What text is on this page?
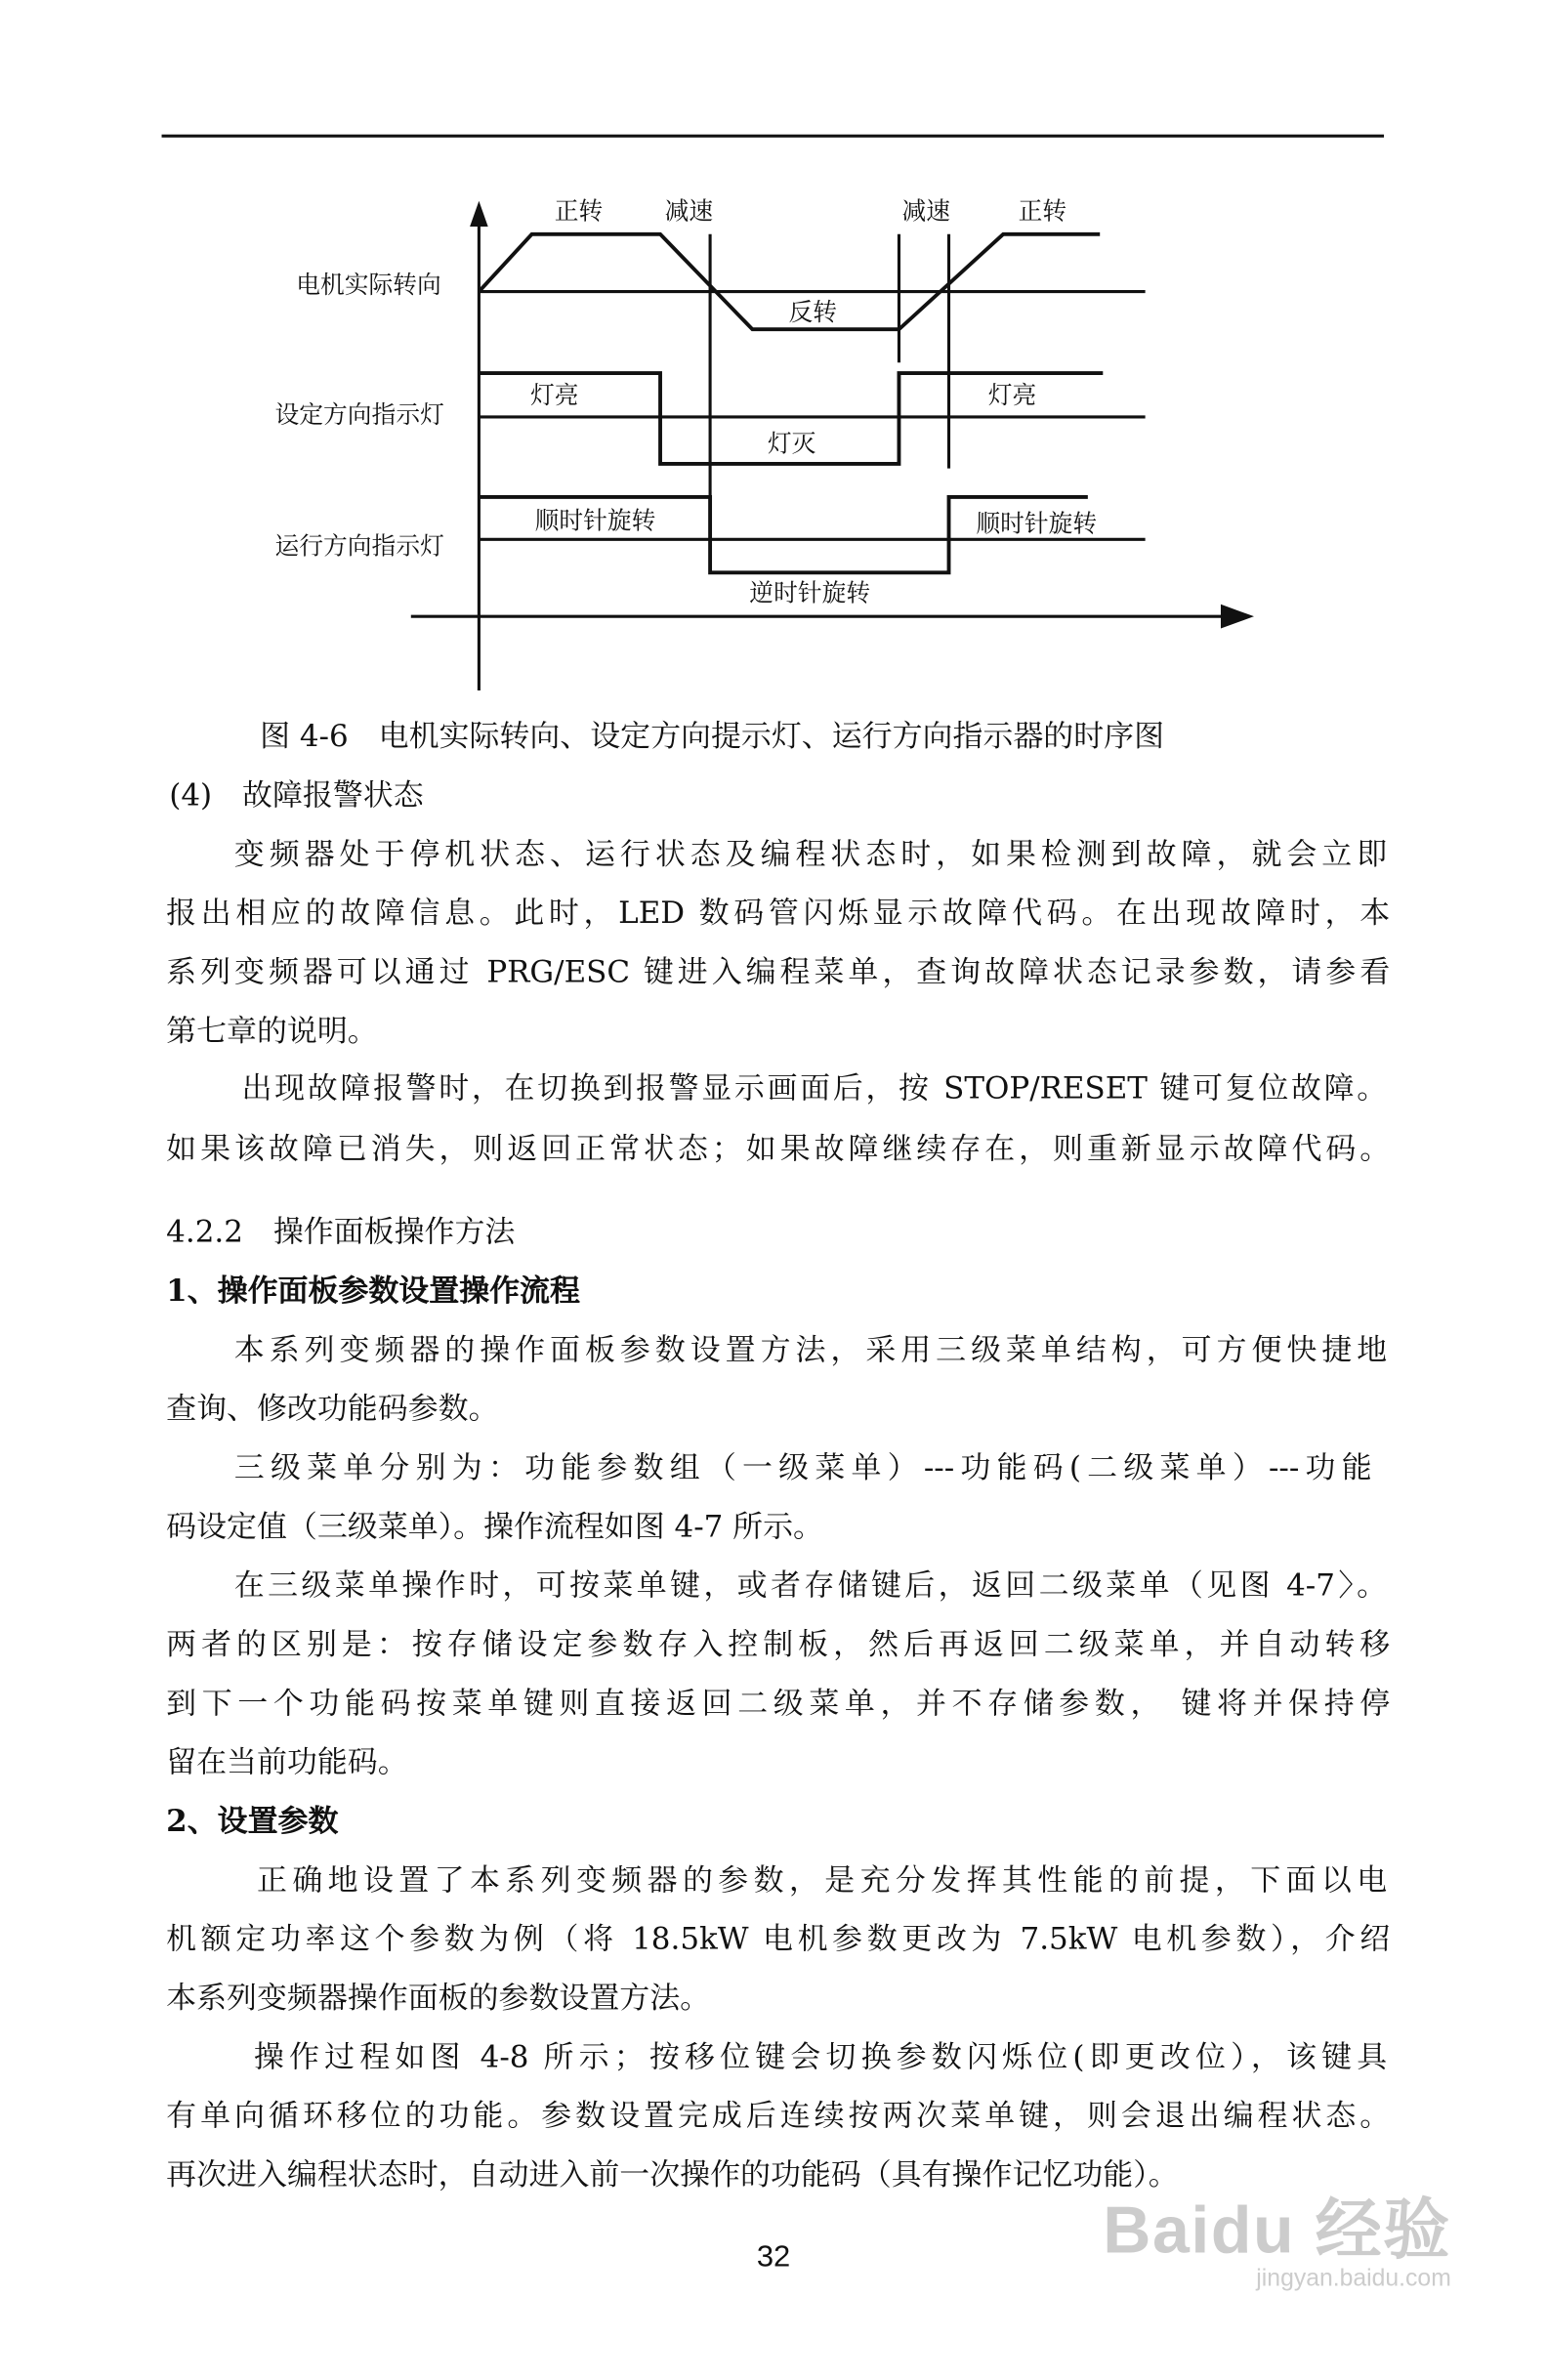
电机实际转向
设定方向指示灯
运行方向指示灯
正转	减速	减速	正转
反转
灯亮
灯灭
灯亮
顺时针旋转
逆时针旋转
顺时针旋转
图 4-6　电机实际转向、设定方向提示灯、运行方向指示器的时序图
(4)　故障报警状态
变频器处于停机状态、运行状态及编程状态时，如果检测到故障，就会立即
报出相应的故障信息。此时，LED 数码管闪烁显示故障代码。在出现故障时，本
系列变频器可以通过 PRG/ESC 键进入编程菜单，查询故障状态记录参数，请参看
第七章的说明。
出现故障报警时，在切换到报警显示画面后，按 STOP/RESET 键可复位故障。
如果该故障已消失，则返回正常状态；如果故障继续存在，则重新显示故障代码。
4.2.2　操作面板操作方法
1、操作面板参数设置操作流程
本系列变频器的操作面板参数设置方法，采用三级菜单结构，可方便快捷地
查询、修改功能码参数。
三级菜单分别为：功能参数组（一级菜单）---功能码(二级菜单）---功能
码设定值（三级菜单）。操作流程如图 4-7 所示。
在三级菜单操作时，可按菜单键，或者存储键后，返回二级菜单（见图 4-7〉。
两者的区别是：按存储设定参数存入控制板，然后再返回二级菜单，并自动转移
到下一个功能码按菜单键则直接返回二级菜单，并不存储参数， 键将并保持停
留在当前功能码。
2、设置参数
正确地设置了本系列变频器的参数，是充分发挥其性能的前提，下面以电
机额定功率这个参数为例（将 18.5kW 电机参数更改为 7.5kW 电机参数），介绍
本系列变频器操作面板的参数设置方法。
操作过程如图 4-8 所示；按移位键会切换参数闪烁位(即更改位），该键具
有单向循环移位的功能。参数设置完成后连续按两次菜单键，则会退出编程状态。
再次进入编程状态时，自动进入前一次操作的功能码（具有操作记忆功能）。
32	Baidu 经验
jingyan.baidu.com
